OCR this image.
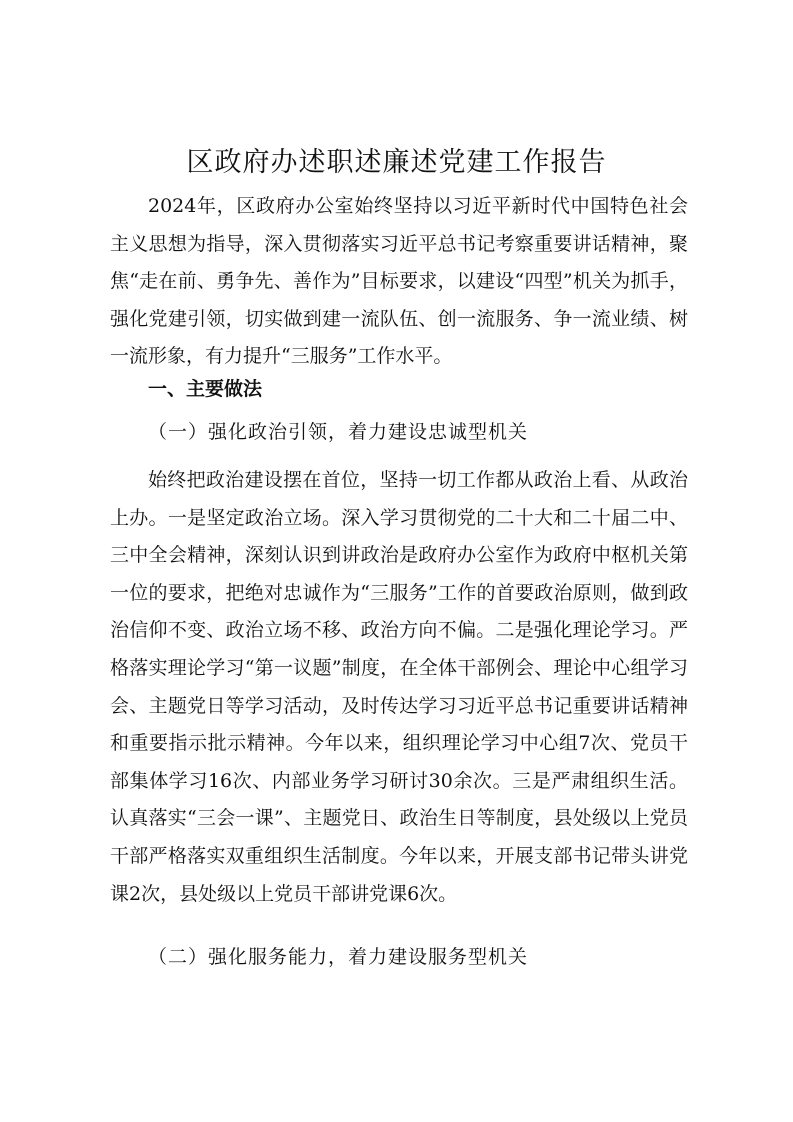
区政府办述职述廉述党建工作报告

2024年，区政府办公室始终坚持以习近平新时代中国特色社会主义思想为指导，深入贯彻落实习近平总书记考察重要讲话精神，聚焦“走在前、勇争先、善作为”目标要求，以建设“四型”机关为抓手，强化党建引领，切实做到建一流队伍、创一流服务、争一流业绩、树一流形象，有力提升“三服务”工作水平。

一、主要做法

（一）强化政治引领，着力建设忠诚型机关

始终把政治建设摆在首位，坚持一切工作都从政治上看、从政治上办。一是坚定政治立场。深入学习贯彻党的二十大和二十届二中、三中全会精神，深刻认识到讲政治是政府办公室作为政府中枢机关第一位的要求，把绝对忠诚作为“三服务”工作的首要政治原则，做到政治信仰不变、政治立场不移、政治方向不偏。二是强化理论学习。严格落实理论学习“第一议题”制度，在全体干部例会、理论中心组学习会、主题党日等学习活动，及时传达学习习近平总书记重要讲话精神和重要指示批示精神。今年以来，组织理论学习中心组7次、党员干部集体学习16次、内部业务学习研讨30余次。三是严肃组织生活。认真落实“三会一课”、主题党日、政治生日等制度，县处级以上党员干部严格落实双重组织生活制度。今年以来，开展支部书记带头讲党课2次，县处级以上党员干部讲党课6次。

（二）强化服务能力，着力建设服务型机关
